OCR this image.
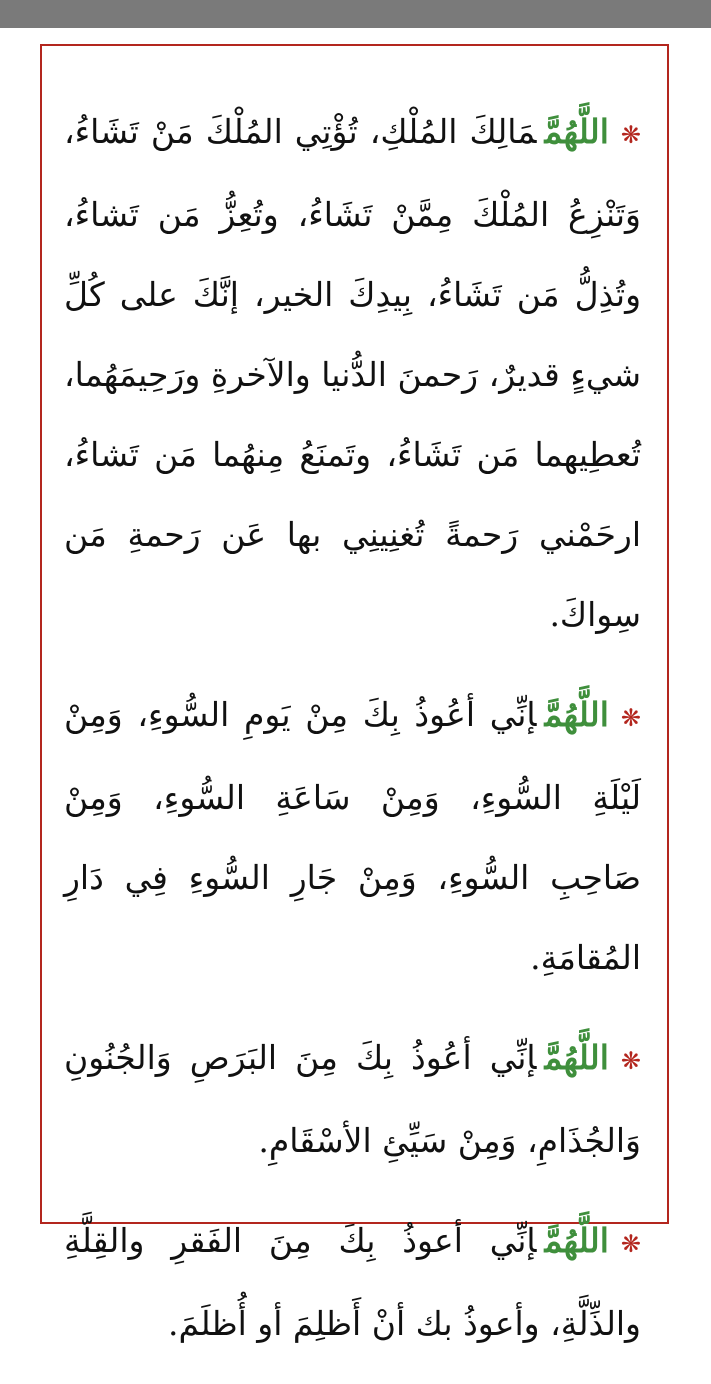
❋اللَّهُمَّمَالِكَ المُلْكِ، تُؤْتِي المُلْكَ مَنْ تَشَاءُ، وَتَنْزِعُ المُلْكَ مِمَّنْ تَشَاءُ، وتُعِزُّ مَن تَشاءُ، وتُذِلُّ مَن تَشَاءُ، بِيدِكَ الخير، إنَّكَ على كُلِّ شيءٍ قديرٌ، رَحمنَ الدُّنيا والآخرةِ ورَحِيمَهُما، تُعطِيهما مَن تَشَاءُ، وتَمنَعُ مِنهُما مَن تَشاءُ، ارحَمْني رَحمةً تُغنِينِي بها عَن رَحمةِ مَن سِواكَ.

❋اللَّهُمَّإنِّي أعُوذُ بِكَ مِنْ يَومِ السُّوءِ، وَمِنْ لَيْلَةِ السُّوءِ، وَمِنْ سَاعَةِ السُّوءِ، وَمِنْ صَاحِبِ السُّوءِ، وَمِنْ جَارِ السُّوءِ فِي دَارِ المُقامَةِ.

❋اللَّهُمَّإنِّي أعُوذُ بِكَ مِنَ البَرَصِ وَالجُنُونِ وَالجُذَامِ، وَمِنْ سَيِّئِ الأسْقَامِ.

❋اللَّهُمَّإنِّي أعوذُ بِكَ مِنَ الفَقرِ والقِلَّةِ والذِّلَّةِ، وأعوذُ بك أنْ أَظلِمَ أو أُظلَمَ.
